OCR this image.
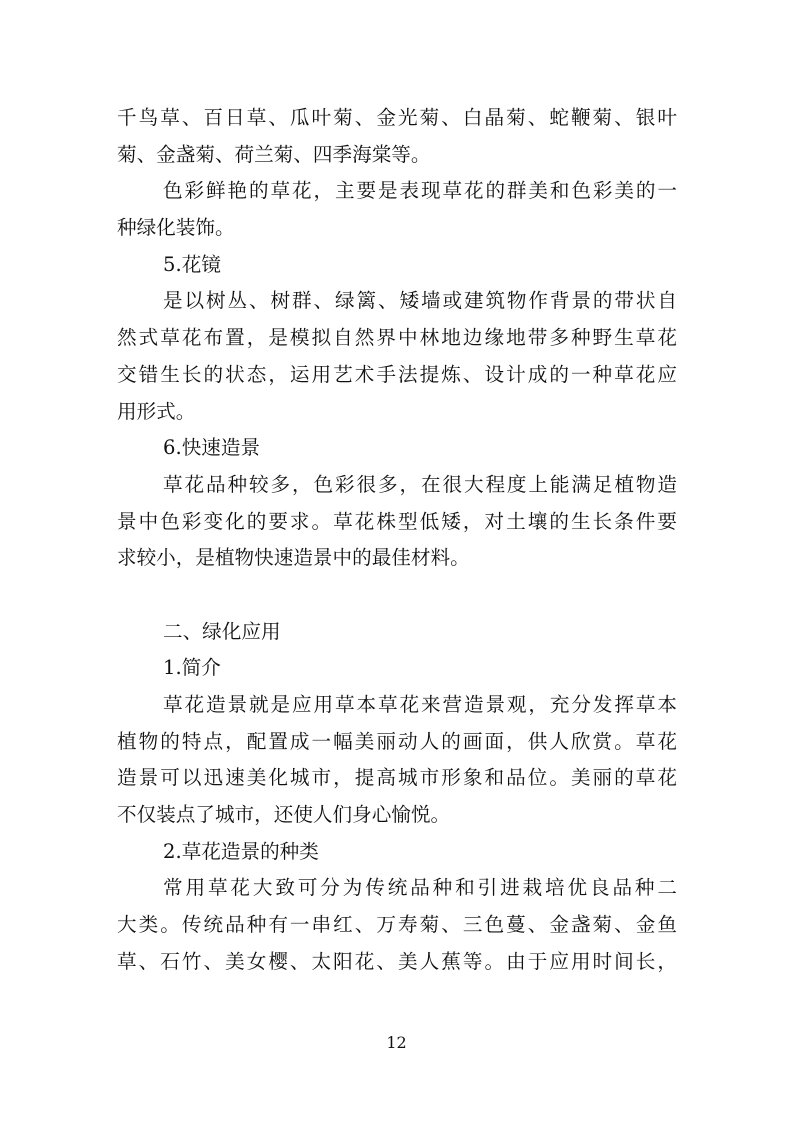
千鸟草、百日草、瓜叶菊、金光菊、白晶菊、蛇鞭菊、银叶
菊、金盏菊、荷兰菊、四季海棠等。
色彩鲜艳的草花，主要是表现草花的群美和色彩美的一
种绿化装饰。
5.花镜
是以树丛、树群、绿篱、矮墙或建筑物作背景的带状自
然式草花布置，是模拟自然界中林地边缘地带多种野生草花
交错生长的状态，运用艺术手法提炼、设计成的一种草花应
用形式。
6.快速造景
草花品种较多，色彩很多，在很大程度上能满足植物造
景中色彩变化的要求。草花株型低矮，对土壤的生长条件要
求较小，是植物快速造景中的最佳材料。
二、绿化应用
1.简介
草花造景就是应用草本草花来营造景观，充分发挥草本
植物的特点，配置成一幅美丽动人的画面，供人欣赏。草花
造景可以迅速美化城市，提高城市形象和品位。美丽的草花
不仅装点了城市，还使人们身心愉悦。
2.草花造景的种类
常用草花大致可分为传统品种和引进栽培优良品种二
大类。传统品种有一串红、万寿菊、三色蔓、金盏菊、金鱼
草、石竹、美女樱、太阳花、美人蕉等。由于应用时间长，
12
